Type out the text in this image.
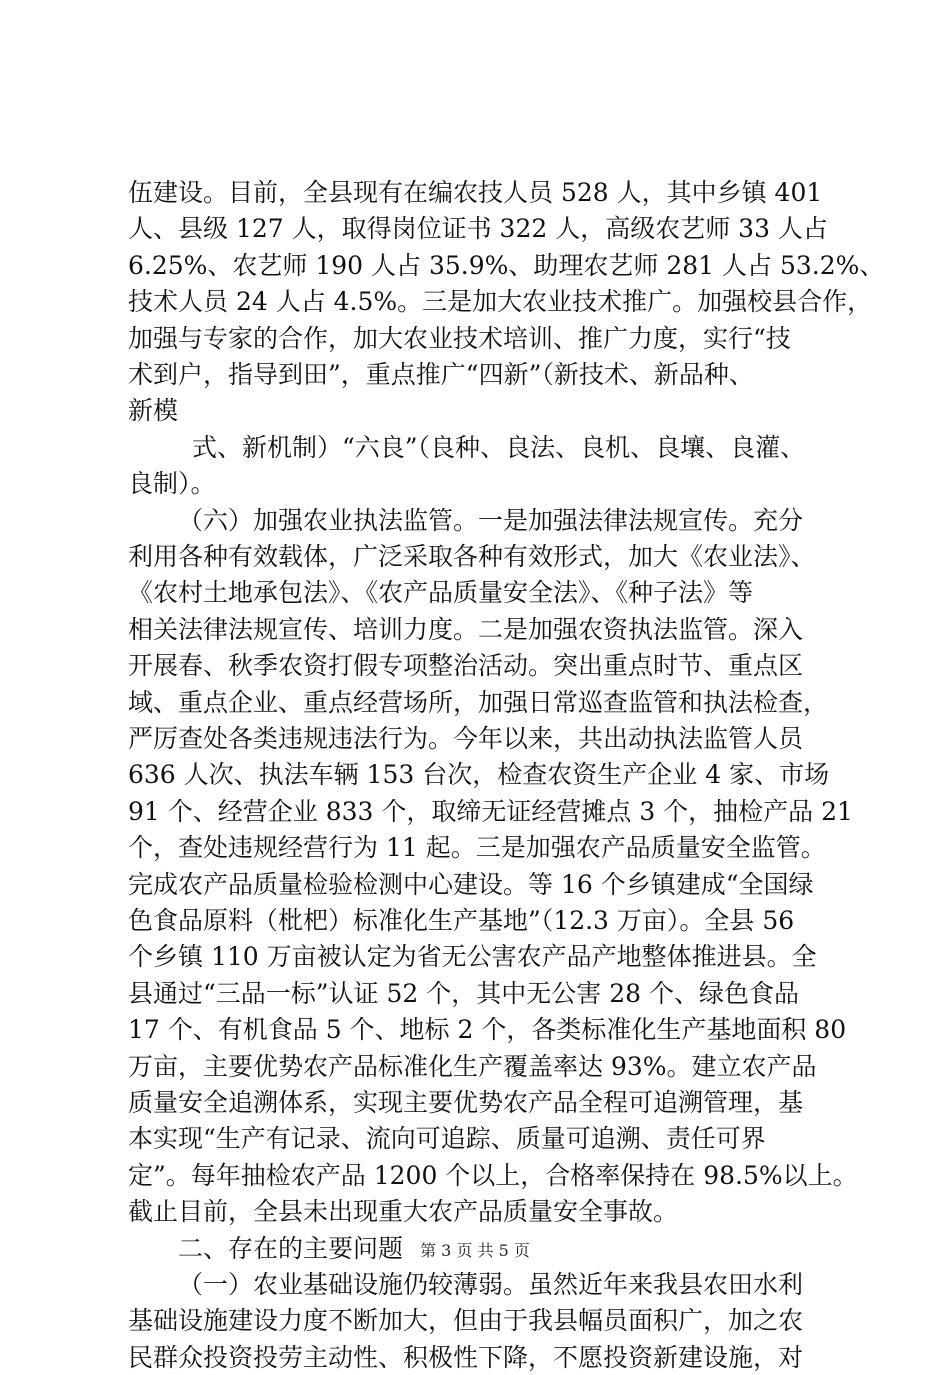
伍建设。目前，全县现有在编农技人员 528 人，其中乡镇 401
人、县级 127 人，取得岗位证书 322 人，高级农艺师 33 人占
6.25%、农艺师 190 人占 35.9%、助理农艺师 281 人占 53.2%、
技术人员 24 人占 4.5%。三是加大农业技术推广。加强校县合作，
加强与专家的合作，加大农业技术培训、推广力度，实行“技
术到户，指导到田”，重点推广“四新”（新技术、新品种、
新模
式、新机制）“六良”（良种、良法、良机、良壤、良灌、
良制）。
（六）加强农业执法监管。一是加强法律法规宣传。充分
利用各种有效载体，广泛采取各种有效形式，加大《农业法》、
《农村土地承包法》、《农产品质量安全法》、《种子法》等
相关法律法规宣传、培训力度。二是加强农资执法监管。深入
开展春、秋季农资打假专项整治活动。突出重点时节、重点区
域、重点企业、重点经营场所，加强日常巡查监管和执法检查，
严厉查处各类违规违法行为。今年以来，共出动执法监管人员
636 人次、执法车辆 153 台次，检查农资生产企业 4 家、市场
91 个、经营企业 833 个，取缔无证经营摊点 3 个，抽检产品 21
个，查处违规经营行为 11 起。三是加强农产品质量安全监管。
完成农产品质量检验检测中心建设。等 16 个乡镇建成“全国绿
色食品原料（枇杷）标准化生产基地”（12.3 万亩）。全县 56
个乡镇 110 万亩被认定为省无公害农产品产地整体推进县。全
县通过“三品一标”认证 52 个，其中无公害 28 个、绿色食品
17 个、有机食品 5 个、地标 2 个，各类标准化生产基地面积 80
万亩，主要优势农产品标准化生产覆盖率达 93%。建立农产品
质量安全追溯体系，实现主要优势农产品全程可追溯管理，基
本实现“生产有记录、流向可追踪、质量可追溯、责任可界
定”。每年抽检农产品 1200 个以上，合格率保持在 98.5%以上。
截止目前，全县未出现重大农产品质量安全事故。
二、存在的主要问题
（一）农业基础设施仍较薄弱。虽然近年来我县农田水利
基础设施建设力度不断加大，但由于我县幅员面积广，加之农
民群众投资投劳主动性、积极性下降，不愿投资新建设施，对
第 3 页 共 5 页
